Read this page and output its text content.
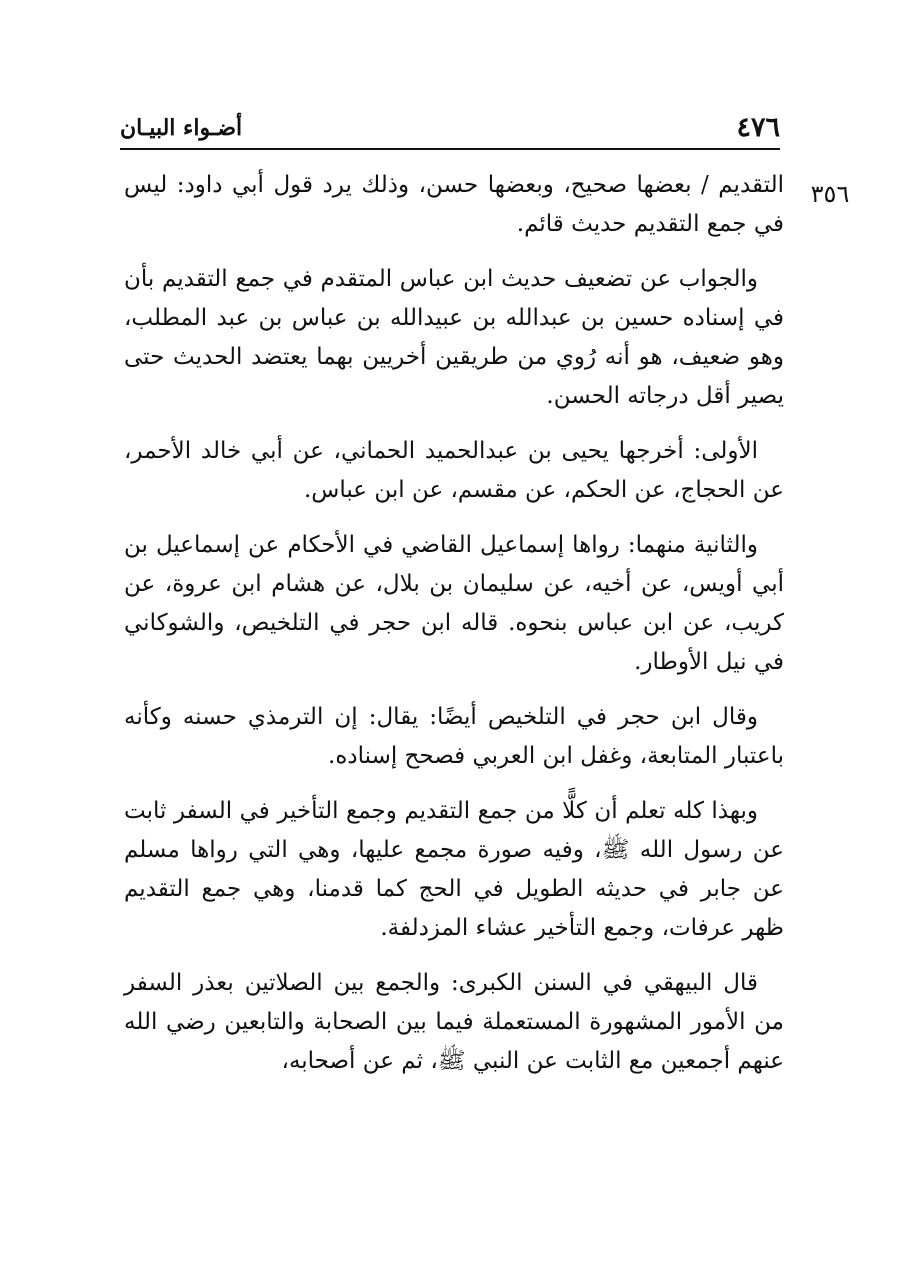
٤٧٦
أضـواء البيـان
٣٥٦

التقديم / بعضها صحيح، وبعضها حسن، وذلك يرد قول أبي داود: ليس في جمع التقديم حديث قائم.

والجواب عن تضعيف حديث ابن عباس المتقدم في جمع التقديم بأن في إسناده حسين بن عبدالله بن عبيدالله بن عباس بن عبد المطلب، وهو ضعيف، هو أنه رُوي من طريقين أخريين بهما يعتضد الحديث حتى يصير أقل درجاته الحسن.

الأولى: أخرجها يحيى بن عبدالحميد الحماني، عن أبي خالد الأحمر، عن الحجاج، عن الحكم، عن مقسم، عن ابن عباس.

والثانية منهما: رواها إسماعيل القاضي في الأحكام عن إسماعيل بن أبي أويس، عن أخيه، عن سليمان بن بلال، عن هشام ابن عروة، عن كريب، عن ابن عباس بنحوه. قاله ابن حجر في التلخيص، والشوكاني في نيل الأوطار.

وقال ابن حجر في التلخيص أيضًا: يقال: إن الترمذي حسنه وكأنه باعتبار المتابعة، وغفل ابن العربي فصحح إسناده.

وبهذا كله تعلم أن كلًّا من جمع التقديم وجمع التأخير في السفر ثابت عن رسول الله ﷺ، وفيه صورة مجمع عليها، وهي التي رواها مسلم عن جابر في حديثه الطويل في الحج كما قدمنا، وهي جمع التقديم ظهر عرفات، وجمع التأخير عشاء المزدلفة.

قال البيهقي في السنن الكبرى: والجمع بين الصلاتين بعذر السفر من الأمور المشهورة المستعملة فيما بين الصحابة والتابعين رضي الله عنهم أجمعين مع الثابت عن النبي ﷺ، ثم عن أصحابه،
